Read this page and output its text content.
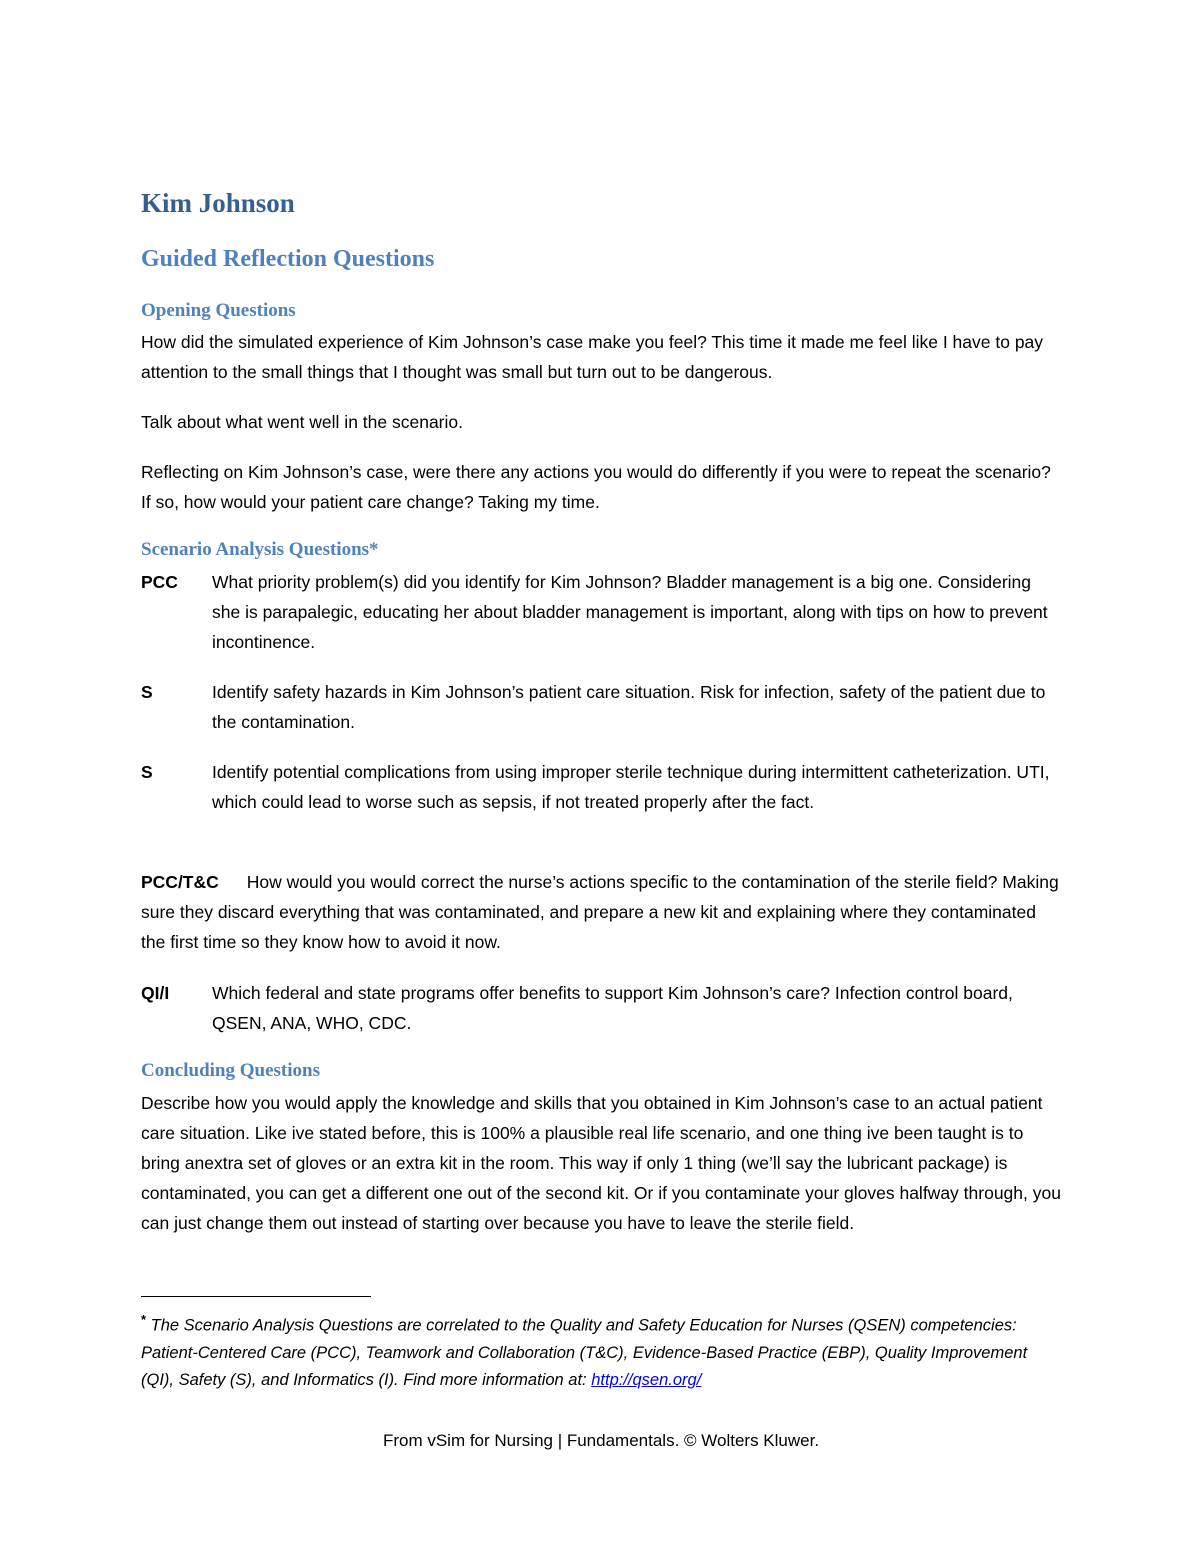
Kim Johnson
Guided Reflection Questions
Opening Questions

How did the simulated experience of Kim Johnson’s case make you feel? This time it made me feel like I have to pay attention to the small things that I thought was small but turn out to be dangerous.

Talk about what went well in the scenario.

Reflecting on Kim Johnson’s case, were there any actions you would do differently if you were to repeat the scenario? If so, how would your patient care change? Taking my time.

Scenario Analysis Questions*
PCC What priority problem(s) did you identify for Kim Johnson? Bladder management is a big one. Considering she is parapalegic, educating her about bladder management is important, along with tips on how to prevent incontinence.
S	Identify safety hazards in Kim Johnson’s patient care situation. Risk for infection, safety of the patient due to the contamination.
S	Identify potential complications from using improper sterile technique during intermittent catheterization. UTI, which could lead to worse such as sepsis, if not treated properly after the fact.

PCC/T&C How would you would correct the nurse’s actions specific to the contamination of the sterile field? Making sure they discard everything that was contaminated, and prepare a new kit and explaining where they contaminated the first time so they know how to avoid it now.

QI/I Which federal and state programs offer benefits to support Kim Johnson’s care? Infection control board, QSEN, ANA, WHO, CDC.
Concluding Questions

Describe how you would apply the knowledge and skills that you obtained in Kim Johnson’s case to an actual patient care situation. Like ive stated before, this is 100% a plausible real life scenario, and one thing ive been taught is to bring anextra set of gloves or an extra kit in the room. This way if only 1 thing (we’ll say the lubricant package) is contaminated, you can get a different one out of the second kit. Or if you contaminate your gloves halfway through, you can just change them out instead of starting over because you have to leave the sterile field.

* The Scenario Analysis Questions are correlated to the Quality and Safety Education for Nurses (QSEN) competencies: Patient-Centered Care (PCC), Teamwork and Collaboration (T&C), Evidence-Based Practice (EBP), Quality Improvement (QI), Safety (S), and Informatics (I). Find more information at: http://qsen.org/
From vSim for Nursing | Fundamentals. © Wolters Kluwer.
